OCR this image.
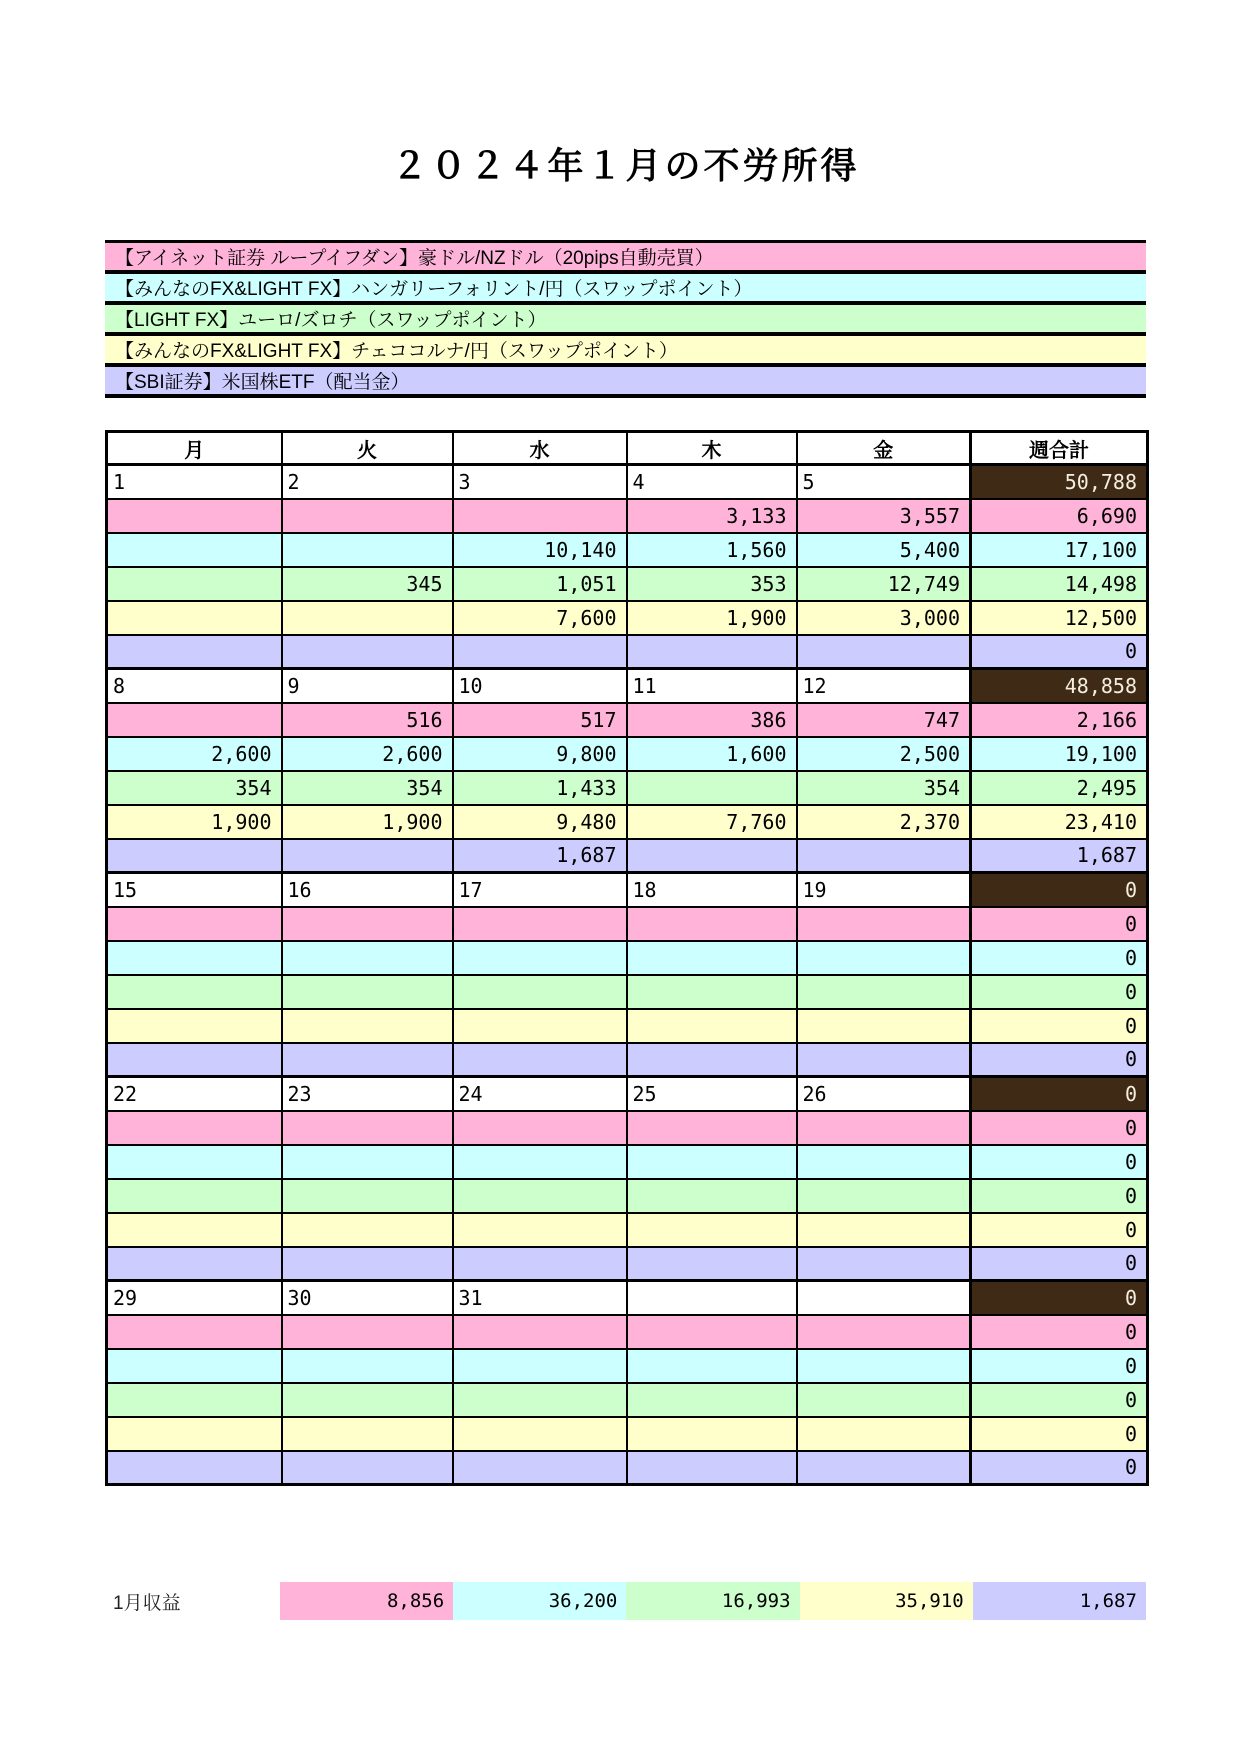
２０２４年１月の不労所得
【アイネット証券 ループイフダン】豪ドル/NZドル（20pips自動売買）
【みんなのFX&LIGHT FX】ハンガリーフォリント/円（スワップポイント）
【LIGHT FX】ユーロ/ズロチ（スワップポイント）
【みんなのFX&LIGHT FX】チェココルナ/円（スワップポイント）
【SBI証券】米国株ETF（配当金）
月	火	水	木	金	週合計
1	2	3	4	5	50,788
			3,133	3,557	6,690
		10,140	1,560	5,400	17,100
	345	1,051	353	12,749	14,498
		7,600	1,900	3,000	12,500
					0
8	9	10	11	12	48,858
	516	517	386	747	2,166
2,600	2,600	9,800	1,600	2,500	19,100
354	354	1,433		354	2,495
1,900	1,900	9,480	7,760	2,370	23,410
		1,687			1,687
15	16	17	18	19	0
					0
					0
					0
					0
					0
22	23	24	25	26	0
					0
					0
					0
					0
					0
29	30	31			0
					0
					0
					0
					0
					0
1月収益	8,856	36,200	16,993	35,910	1,687
